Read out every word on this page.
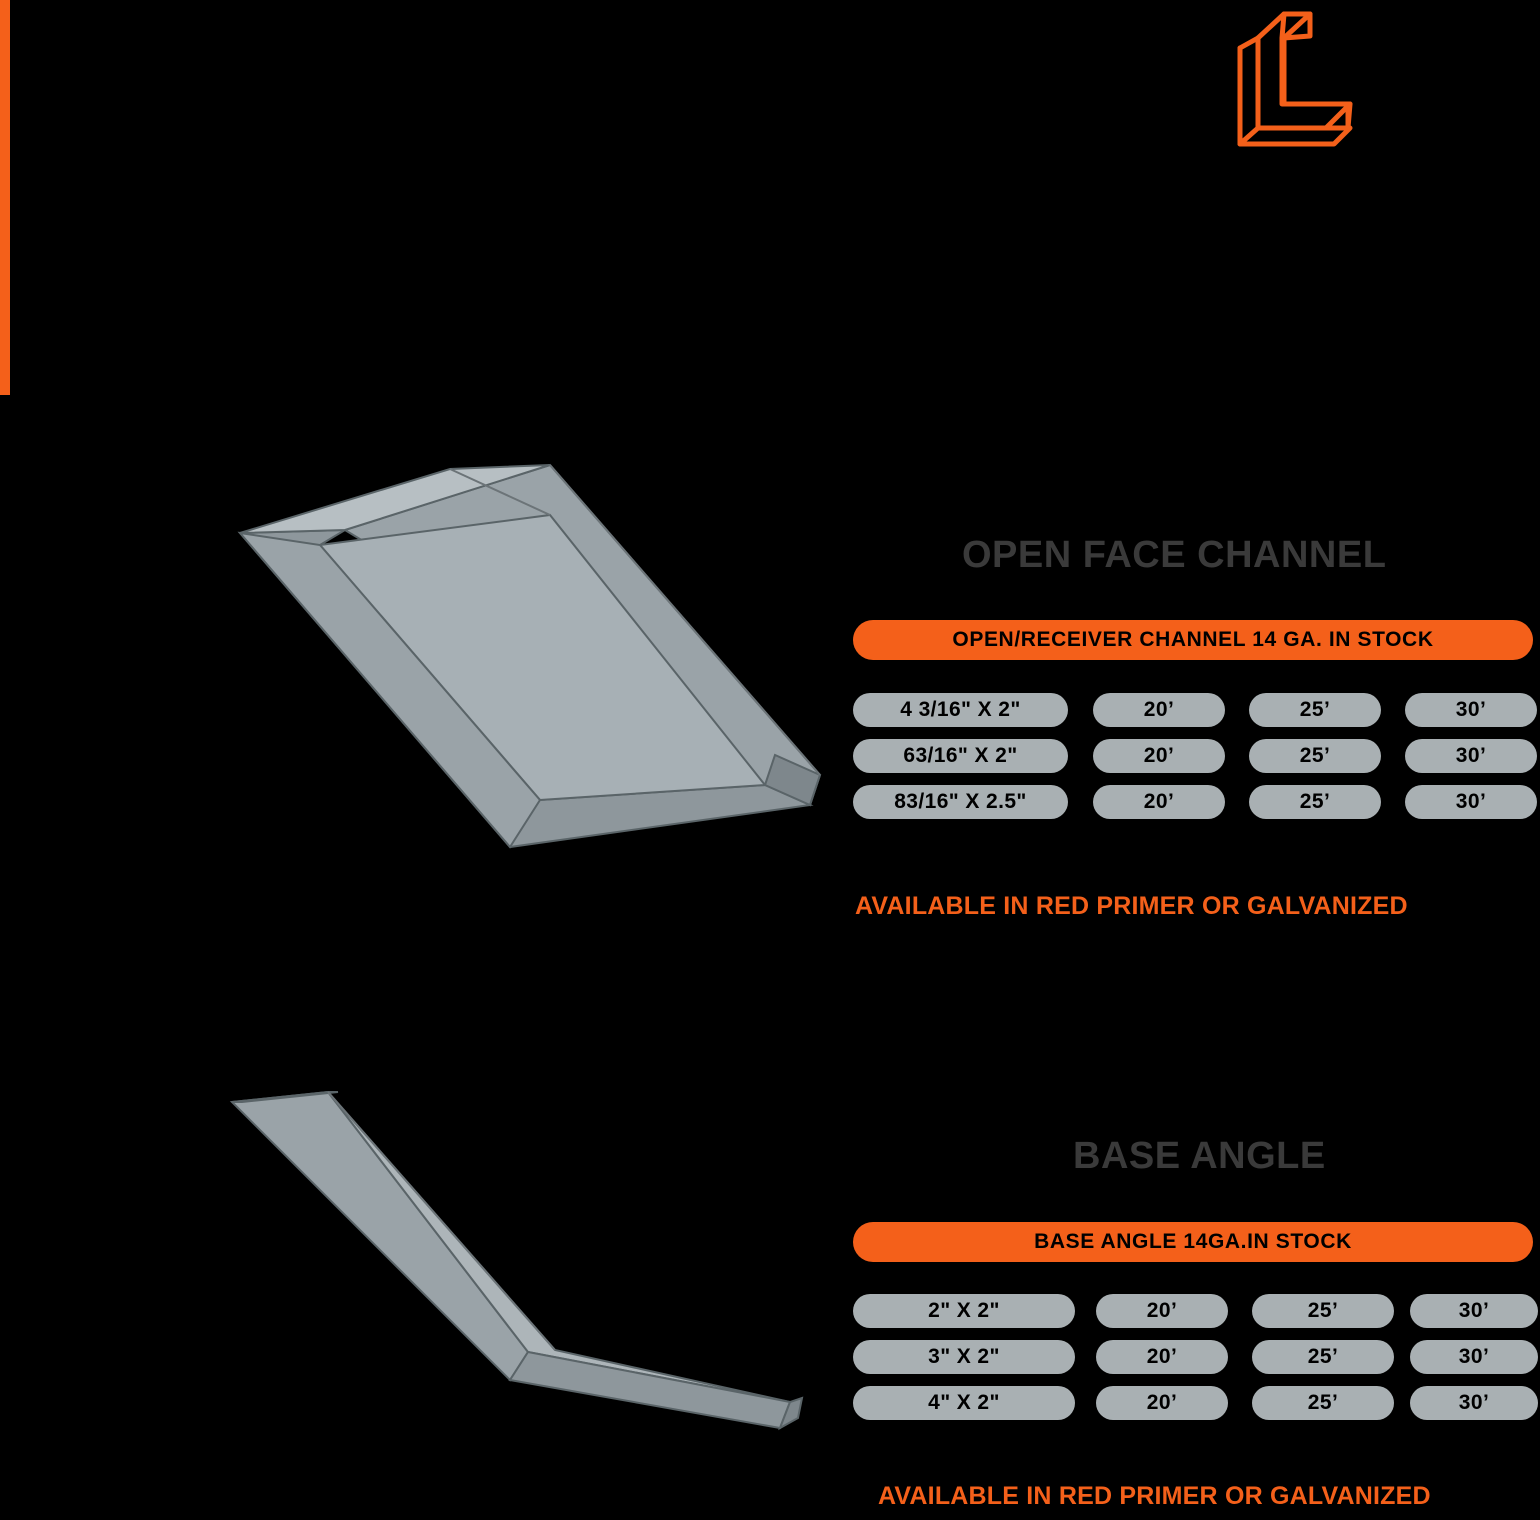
OPEN FACE CHANNEL
OPEN/RECEIVER CHANNEL 14 GA. IN STOCK
4 3/16" X 2"	20’	25’	30’
63/16" X 2"	20’	25’	30’
83/16" X 2.5"	20’	25’	30’
AVAILABLE IN RED PRIMER OR GALVANIZED
BASE ANGLE
BASE ANGLE 14GA.IN STOCK
2" X 2"	20’	25’	30’
3" X 2"	20’	25’	30’
4" X 2"	20’	25’	30’
AVAILABLE IN RED PRIMER OR GALVANIZED
